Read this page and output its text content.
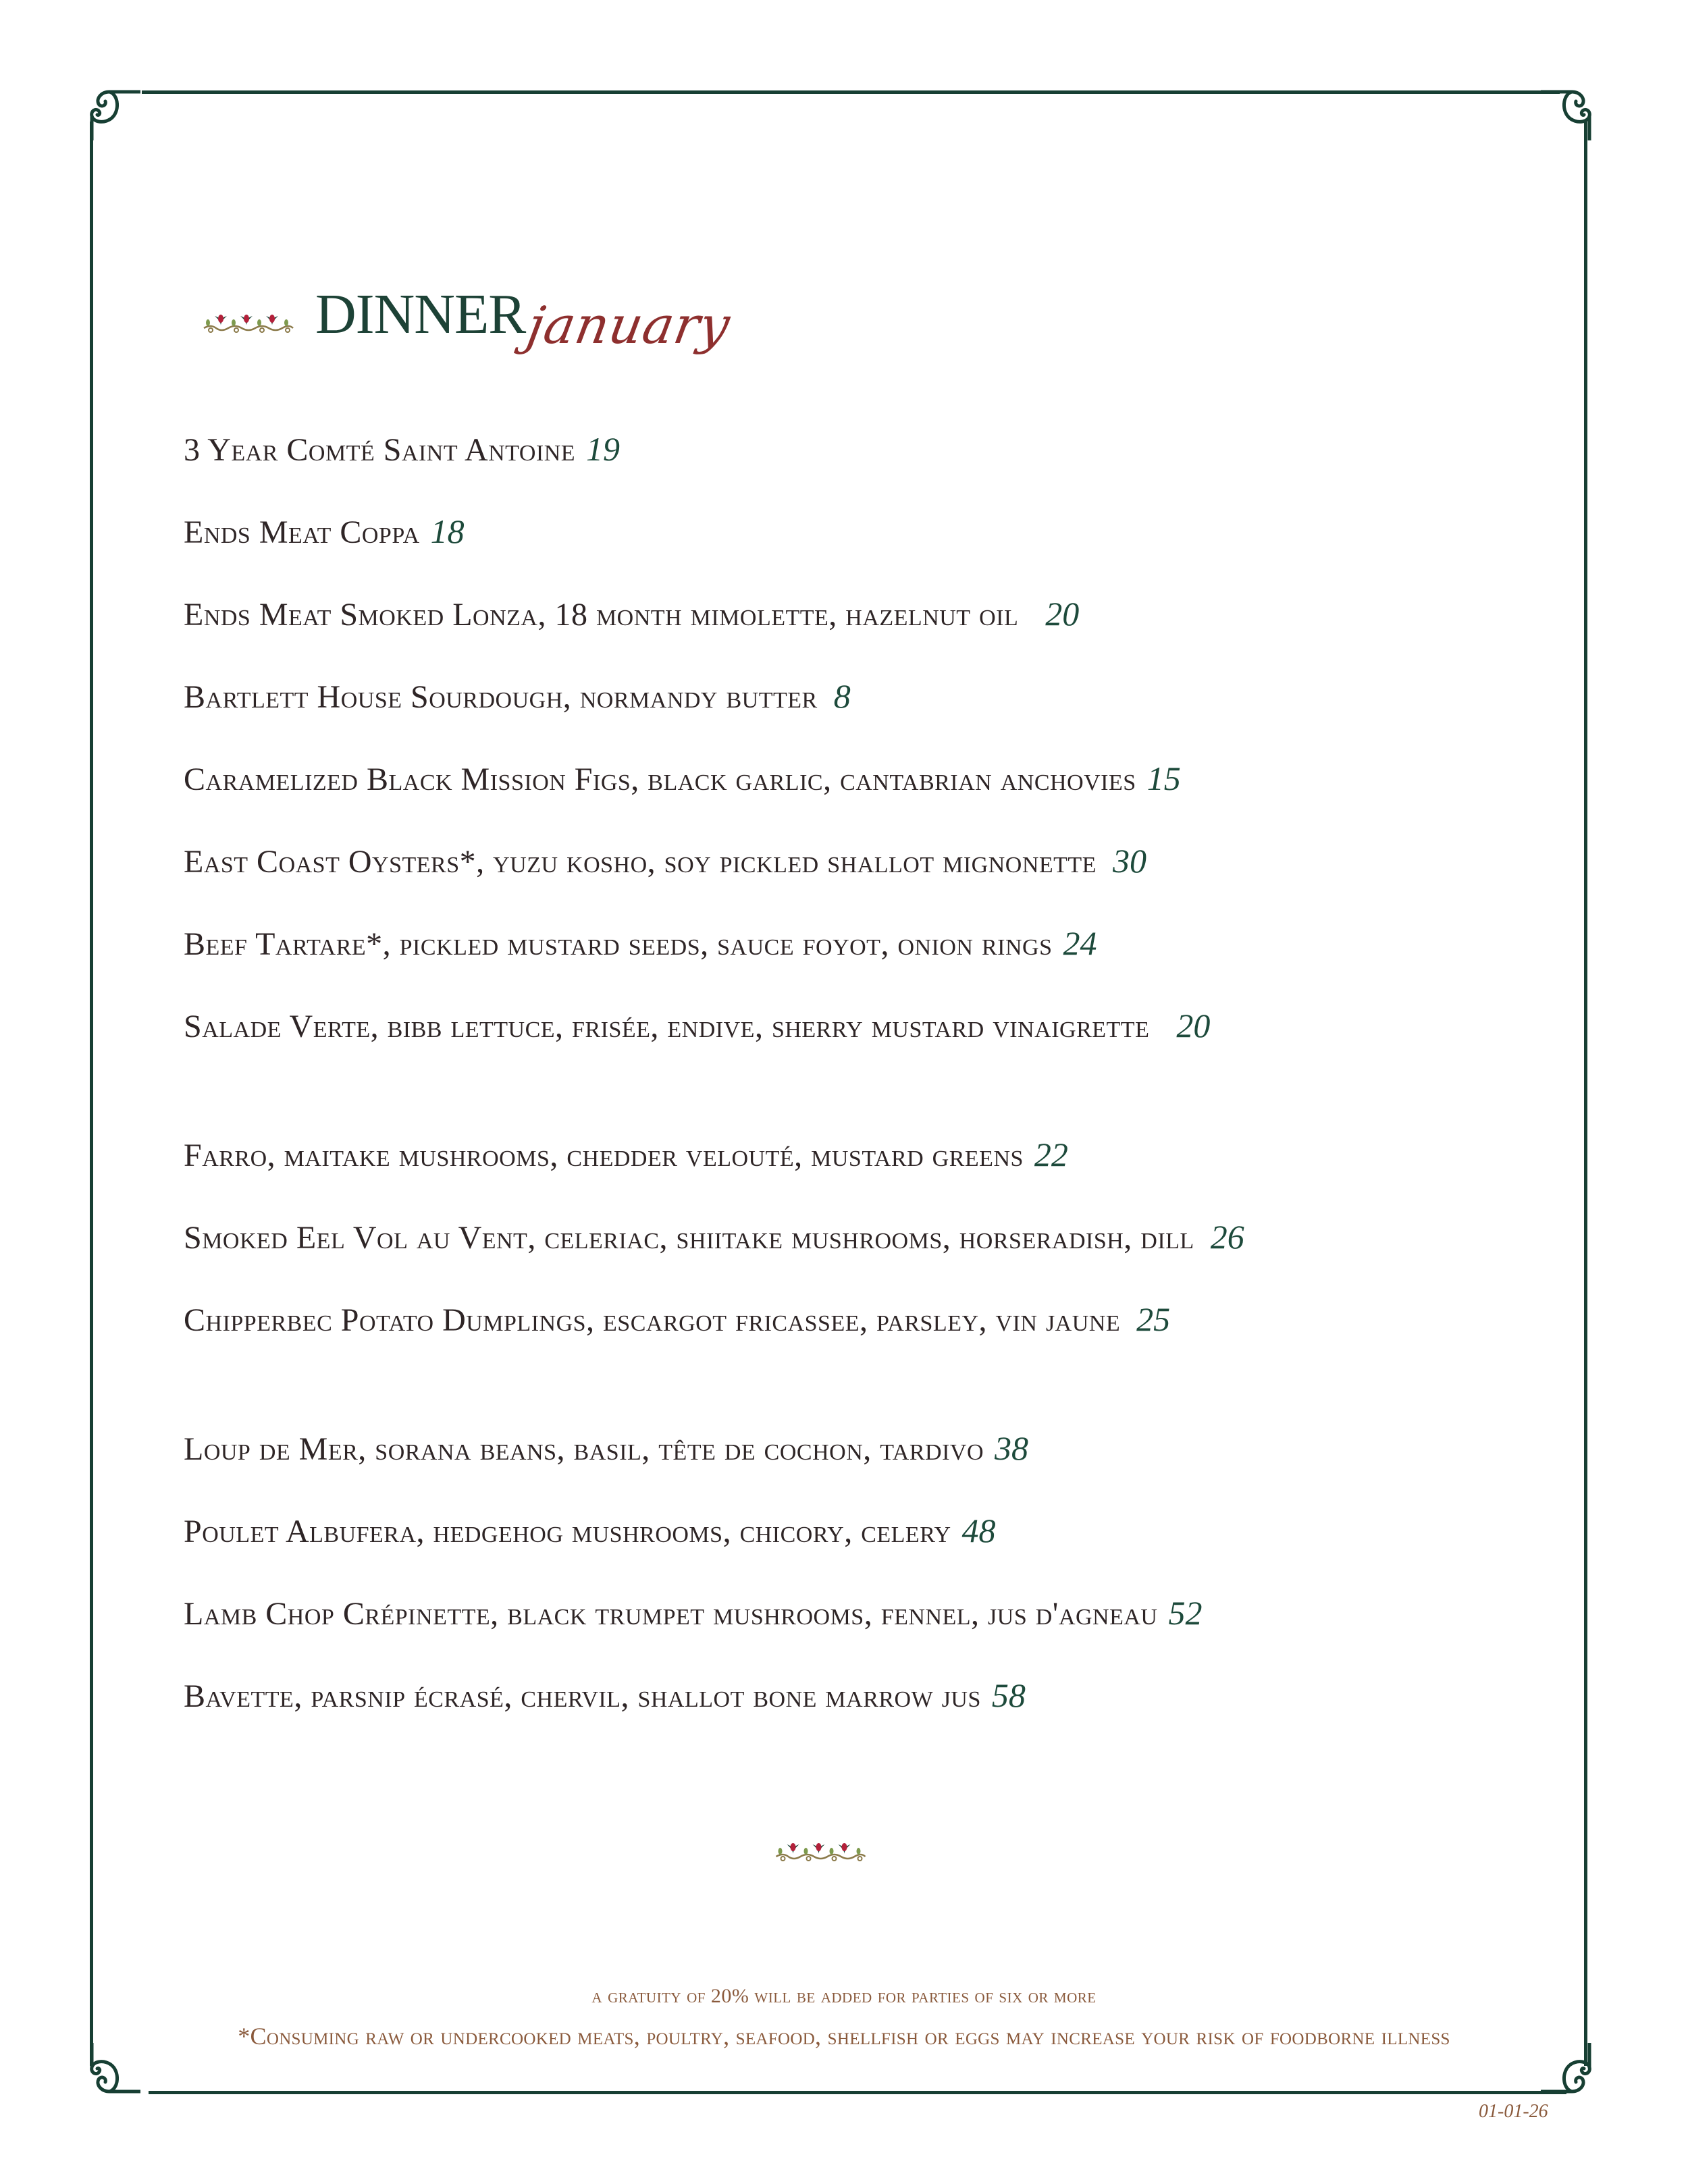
DINNER
january
3 Year Comté Saint Antoine 19
Ends Meat Coppa 18
Ends Meat Smoked Lonza, 18 month mimolette, hazelnut oil 20
Bartlett House Sourdough, normandy butter 8
Caramelized Black Mission Figs, black garlic, cantabrian anchovies 15
East Coast Oysters*, yuzu kosho, soy pickled shallot mignonette 30
Beef Tartare*, pickled mustard seeds, sauce foyot, onion rings 24
Salade Verte, bibb lettuce, frisée, endive, sherry mustard vinaigrette 20
Farro, maitake mushrooms, chedder velouté, mustard greens 22
Smoked Eel Vol au Vent, celeriac, shiitake mushrooms, horseradish, dill 26
Chipperbec Potato Dumplings, escargot fricassee, parsley, vin jaune 25
Loup de Mer, sorana beans, basil, tête de cochon, tardivo 38
Poulet Albufera, hedgehog mushrooms, chicory, celery 48
Lamb Chop Crépinette, black trumpet mushrooms, fennel, jus d'agneau 52
Bavette, parsnip écrasé, chervil, shallot bone marrow jus 58
a gratuity of 20% will be added for parties of six or more
*Consuming raw or undercooked meats, poultry, seafood, shellfish or eggs may increase your risk of foodborne illness
01-01-26
